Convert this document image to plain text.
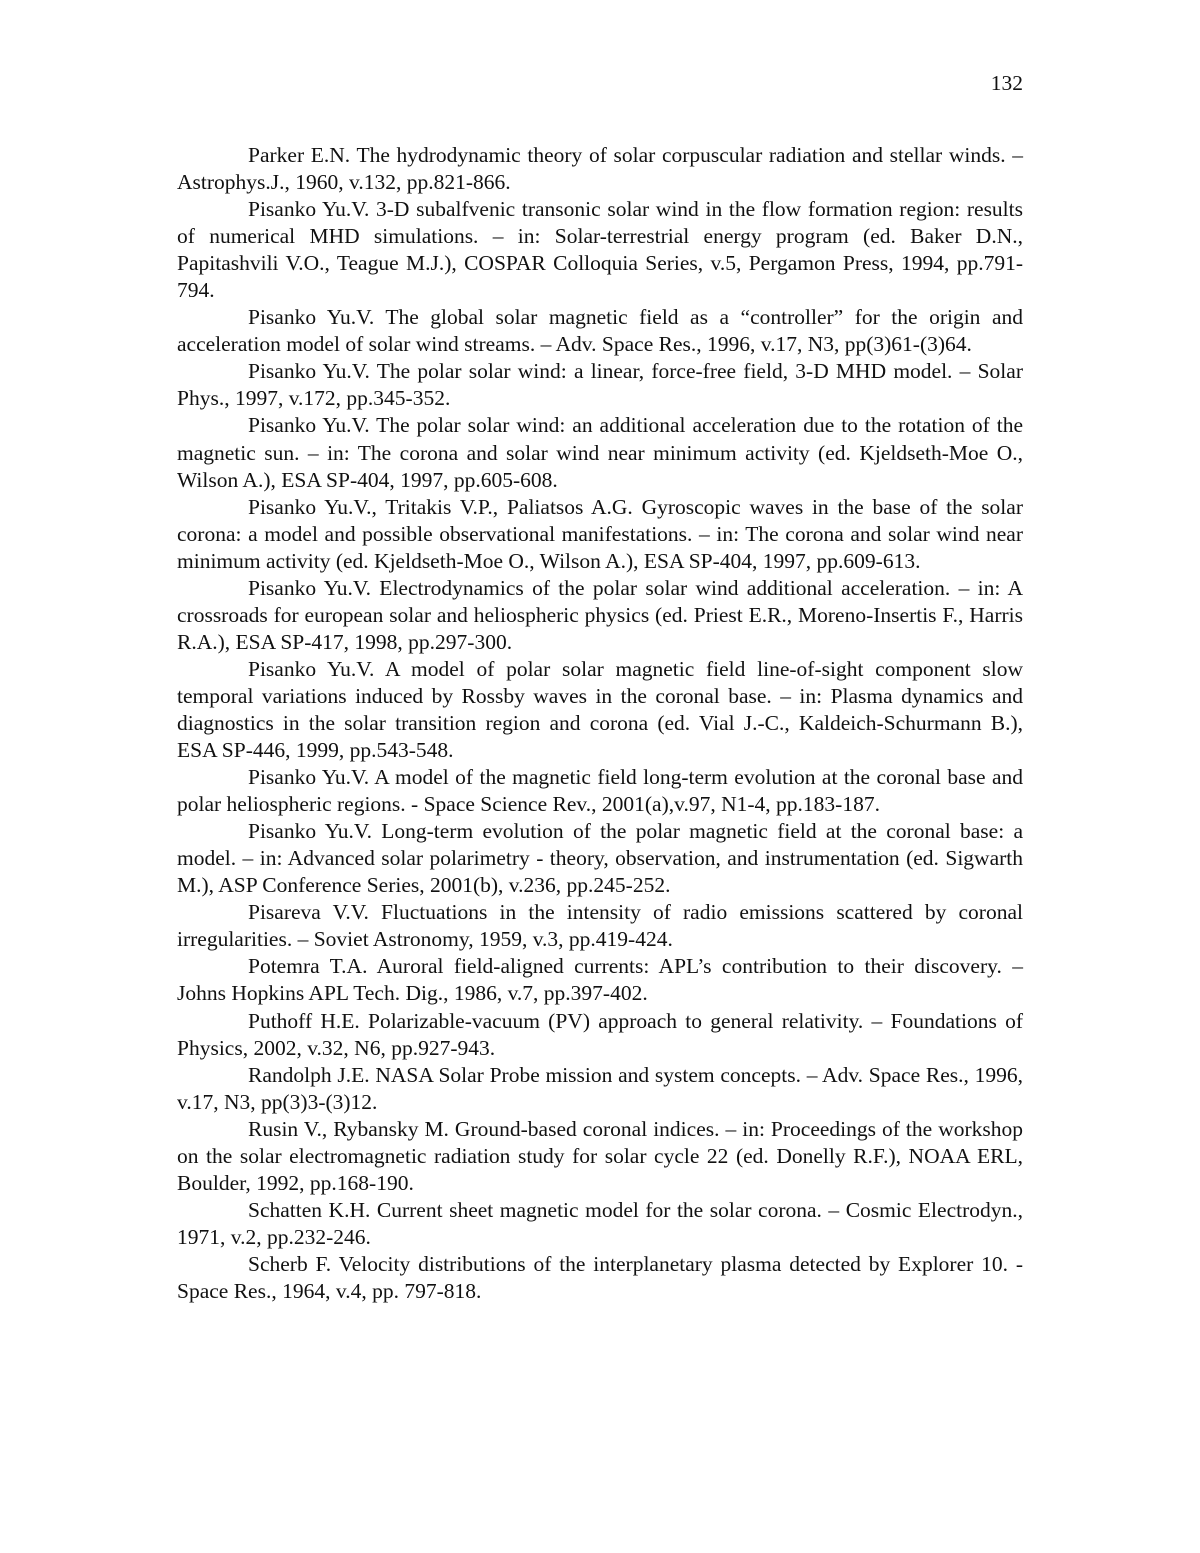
132

Parker E.N. The hydrodynamic theory of solar corpuscular radiation and stellar winds. – Astrophys.J., 1960, v.132, pp.821-866.

Pisanko Yu.V. 3-D subalfvenic transonic solar wind in the flow formation region: results of numerical MHD simulations. – in: Solar-terrestrial energy program (ed. Baker D.N., Papitashvili V.O., Teague M.J.), COSPAR Colloquia Series, v.5, Pergamon Press, 1994, pp.791-794.

Pisanko Yu.V. The global solar magnetic field as a “controller” for the origin and acceleration model of solar wind streams. – Adv. Space Res., 1996, v.17, N3, pp(3)61-(3)64.

Pisanko Yu.V. The polar solar wind: a linear, force-free field, 3-D MHD model. – Solar Phys., 1997, v.172, pp.345-352.

Pisanko Yu.V. The polar solar wind: an additional acceleration due to the rotation of the magnetic sun. – in: The corona and solar wind near minimum activity (ed. Kjeldseth-Moe O., Wilson A.), ESA SP-404, 1997, pp.605-608.

Pisanko Yu.V., Tritakis V.P., Paliatsos A.G. Gyroscopic waves in the base of the solar corona: a model and possible observational manifestations. – in: The corona and solar wind near minimum activity (ed. Kjeldseth-Moe O., Wilson A.), ESA SP-404, 1997, pp.609-613.

Pisanko Yu.V. Electrodynamics of the polar solar wind additional acceleration. – in: A crossroads for european solar and heliospheric physics (ed. Priest E.R., Moreno-Insertis F., Harris R.A.), ESA SP-417, 1998, pp.297-300.

Pisanko Yu.V. A model of polar solar magnetic field line-of-sight component slow temporal variations induced by Rossby waves in the coronal base. – in: Plasma dynamics and diagnostics in the solar transition region and corona (ed. Vial J.-C., Kaldeich-Schurmann B.), ESA SP-446, 1999, pp.543-548.

Pisanko Yu.V. A model of the magnetic field long-term evolution at the coronal base and polar heliospheric regions. - Space Science Rev., 2001(a),v.97, N1-4, pp.183-187.

Pisanko Yu.V. Long-term evolution of the polar magnetic field at the coronal base: a model. – in: Advanced solar polarimetry - theory, observation, and instrumentation (ed. Sigwarth M.), ASP Conference Series, 2001(b), v.236, pp.245-252.

Pisareva V.V. Fluctuations in the intensity of radio emissions scattered by coronal irregularities. – Soviet Astronomy, 1959, v.3, pp.419-424.

Potemra T.A. Auroral field-aligned currents: APL’s contribution to their discovery. – Johns Hopkins APL Tech. Dig., 1986, v.7, pp.397-402.

Puthoff H.E. Polarizable-vacuum (PV) approach to general relativity. – Foundations of Physics, 2002, v.32, N6, pp.927-943.

Randolph J.E. NASA Solar Probe mission and system concepts. – Adv. Space Res., 1996, v.17, N3, pp(3)3-(3)12.

Rusin V., Rybansky M. Ground-based coronal indices. – in: Proceedings of the workshop on the solar electromagnetic radiation study for solar cycle 22 (ed. Donelly R.F.), NOAA ERL, Boulder, 1992, pp.168-190.

Schatten K.H. Current sheet magnetic model for the solar corona. – Cosmic Electrodyn., 1971, v.2, pp.232-246.

Scherb F. Velocity distributions of the interplanetary plasma detected by Explorer 10. - Space Res., 1964, v.4, pp. 797-818.
